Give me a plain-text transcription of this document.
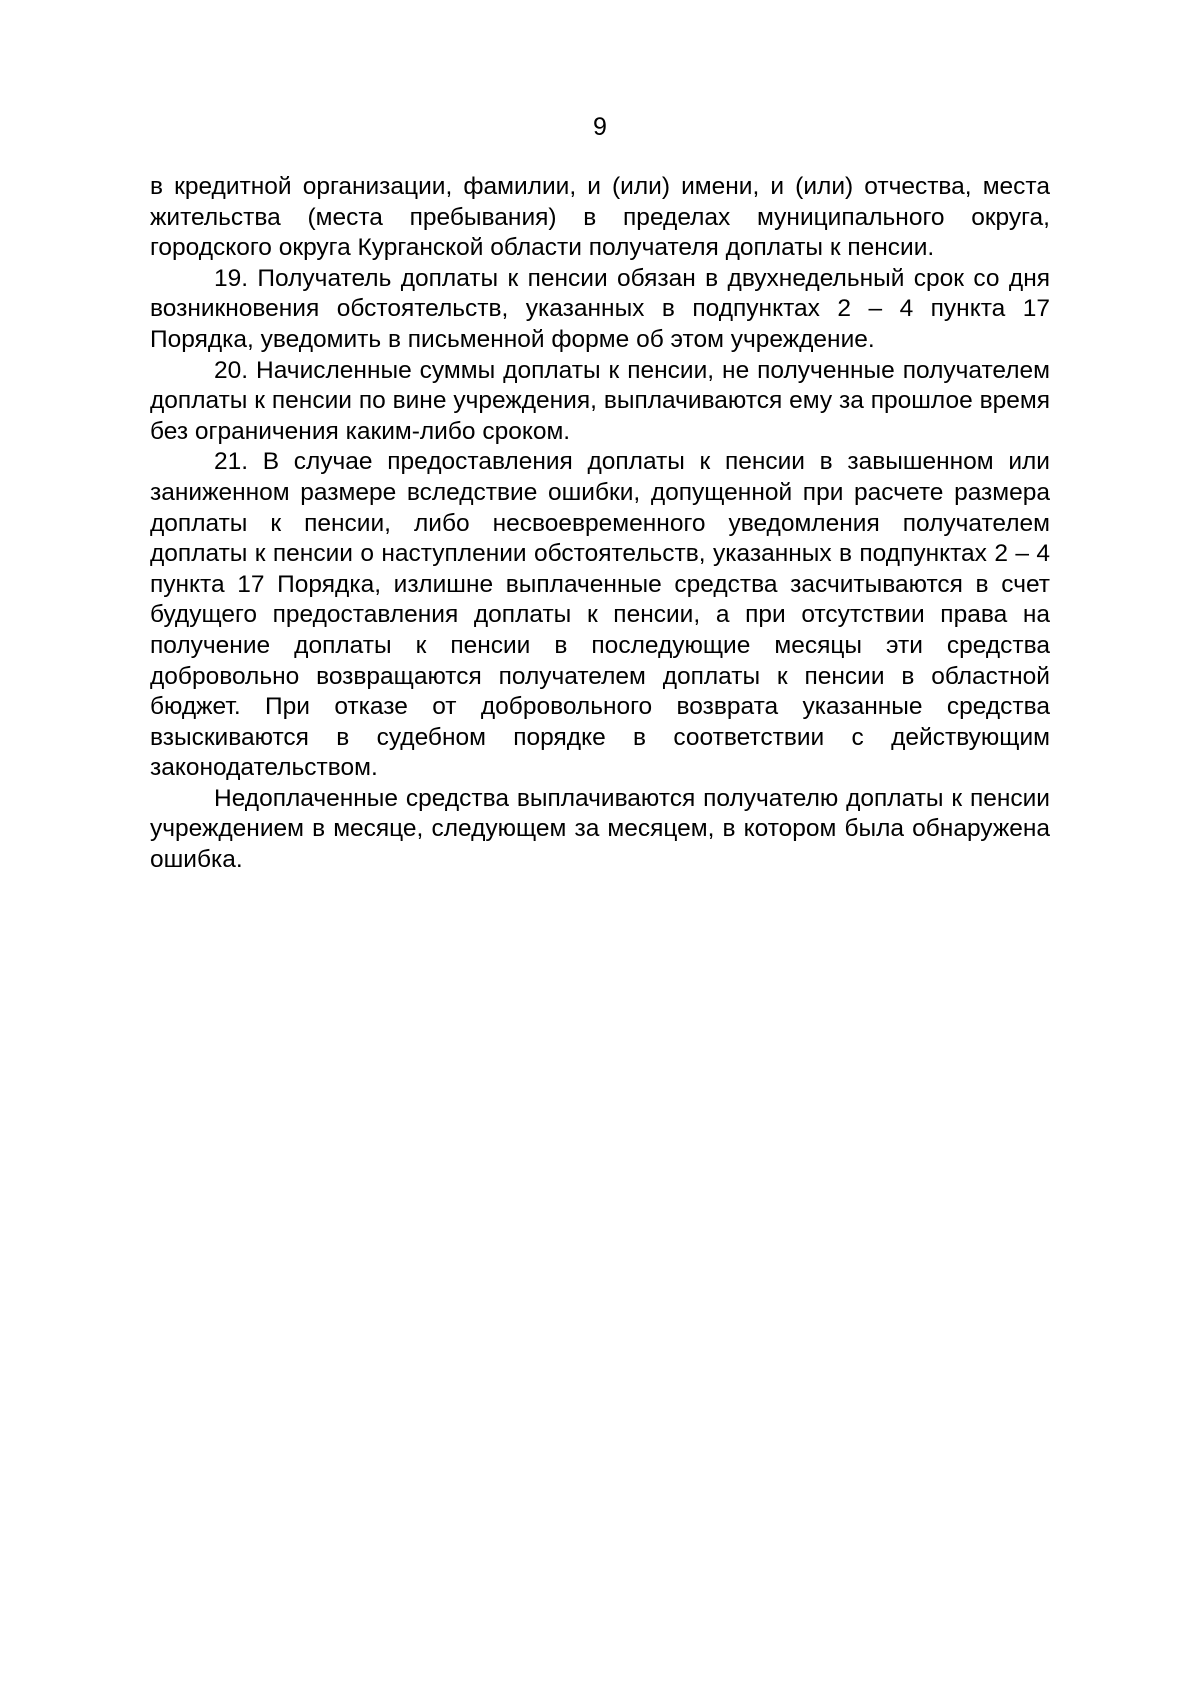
9

в кредитной организации, фамилии, и (или) имени, и (или) отчества, места жительства (места пребывания) в пределах муниципального округа, городского округа Курганской области получателя доплаты к пенсии.

19. Получатель доплаты к пенсии обязан в двухнедельный срок со дня возникновения обстоятельств, указанных в подпунктах 2 – 4 пункта 17 Порядка, уведомить в письменной форме об этом учреждение.

20. Начисленные суммы доплаты к пенсии, не полученные получателем доплаты к пенсии по вине учреждения, выплачиваются ему за прошлое время без ограничения каким-либо сроком.

21. В случае предоставления доплаты к пенсии в завышенном или заниженном размере вследствие ошибки, допущенной при расчете размера доплаты к пенсии, либо несвоевременного уведомления получателем доплаты к пенсии о наступлении обстоятельств, указанных в подпунктах 2 – 4 пункта 17 Порядка, излишне выплаченные средства засчитываются в счет будущего предоставления доплаты к пенсии, а при отсутствии права на получение доплаты к пенсии в последующие месяцы эти средства добровольно возвращаются получателем доплаты к пенсии в областной бюджет. При отказе от добровольного возврата указанные средства взыскиваются в судебном порядке в соответствии с действующим законодательством.

Недоплаченные средства выплачиваются получателю доплаты к пенсии учреждением в месяце, следующем за месяцем, в котором была обнаружена ошибка.
